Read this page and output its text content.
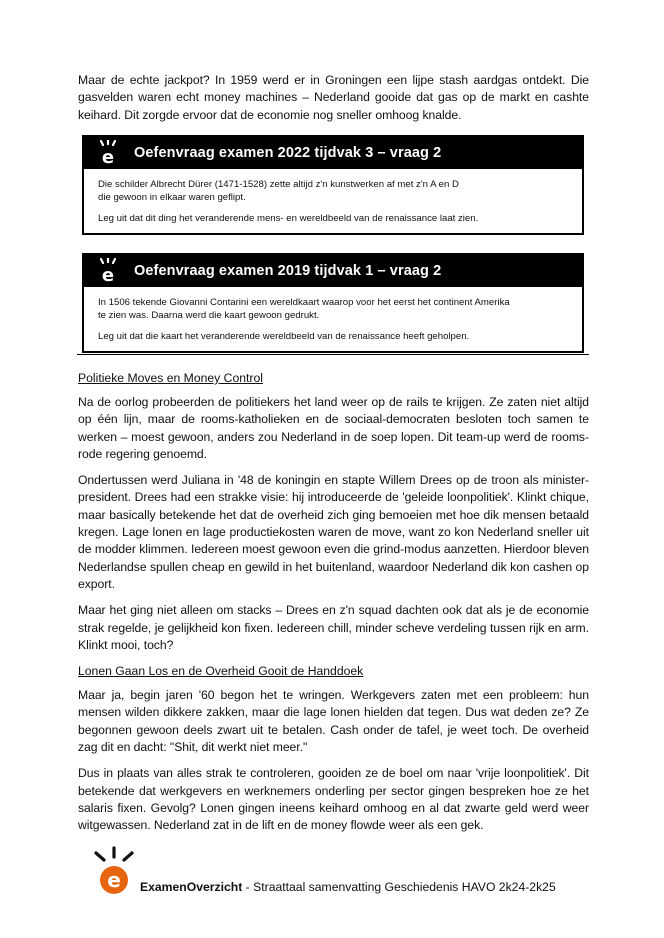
Maar de echte jackpot? In 1959 werd er in Groningen een lijpe stash aardgas ontdekt. Die gasvelden waren echt money machines – Nederland gooide dat gas op de markt en cashte keihard. Dit zorgde ervoor dat de economie nog sneller omhoog knalde.

e Oefenvraag examen 2022 tijdvak 3 – vraag 2
Die schilder Albrecht Dürer (1471-1528) zette altijd z'n kunstwerken af met z'n A en D
die gewoon in elkaar waren geflipt.
Leg uit dat dit ding het veranderende mens- en wereldbeeld van de renaissance laat zien.
e Oefenvraag examen 2019 tijdvak 1 – vraag 2
In 1506 tekende Giovanni Contarini een wereldkaart waarop voor het eerst het continent Amerika
te zien was. Daarna werd die kaart gewoon gedrukt.
Leg uit dat die kaart het veranderende wereldbeeld van de renaissance heeft geholpen.
Politieke Moves en Money Control

Na de oorlog probeerden de politiekers het land weer op de rails te krijgen. Ze zaten niet altijd op één lijn, maar de rooms-katholieken en de sociaal-democraten besloten toch samen te werken – moest gewoon, anders zou Nederland in de soep lopen. Dit team-up werd de rooms-rode regering genoemd.

Ondertussen werd Juliana in '48 de koningin en stapte Willem Drees op de troon als minister-president. Drees had een strakke visie: hij introduceerde de 'geleide loonpolitiek'. Klinkt chique, maar basically betekende het dat de overheid zich ging bemoeien met hoe dik mensen betaald kregen. Lage lonen en lage productiekosten waren de move, want zo kon Nederland sneller uit de modder klimmen. Iedereen moest gewoon even die grind-modus aanzetten. Hierdoor bleven Nederlandse spullen cheap en gewild in het buitenland, waardoor Nederland dik kon cashen op export.

Maar het ging niet alleen om stacks – Drees en z'n squad dachten ook dat als je de economie strak regelde, je gelijkheid kon fixen. Iedereen chill, minder scheve verdeling tussen rijk en arm. Klinkt mooi, toch?

Lonen Gaan Los en de Overheid Gooit de Handdoek

Maar ja, begin jaren '60 begon het te wringen. Werkgevers zaten met een probleem: hun mensen wilden dikkere zakken, maar die lage lonen hielden dat tegen. Dus wat deden ze? Ze begonnen gewoon deels zwart uit te betalen. Cash onder de tafel, je weet toch. De overheid zag dit en dacht: "Shit, dit werkt niet meer."

Dus in plaats van alles strak te controleren, gooiden ze de boel om naar 'vrije loonpolitiek'. Dit betekende dat werkgevers en werknemers onderling per sector gingen bespreken hoe ze het salaris fixen. Gevolg? Lonen gingen ineens keihard omhoog en al dat zwarte geld werd weer witgewassen. Nederland zat in de lift en de money flowde weer als een gek.

e ExamenOverzicht - Straattaal samenvatting Geschiedenis HAVO 2k24-2k25
